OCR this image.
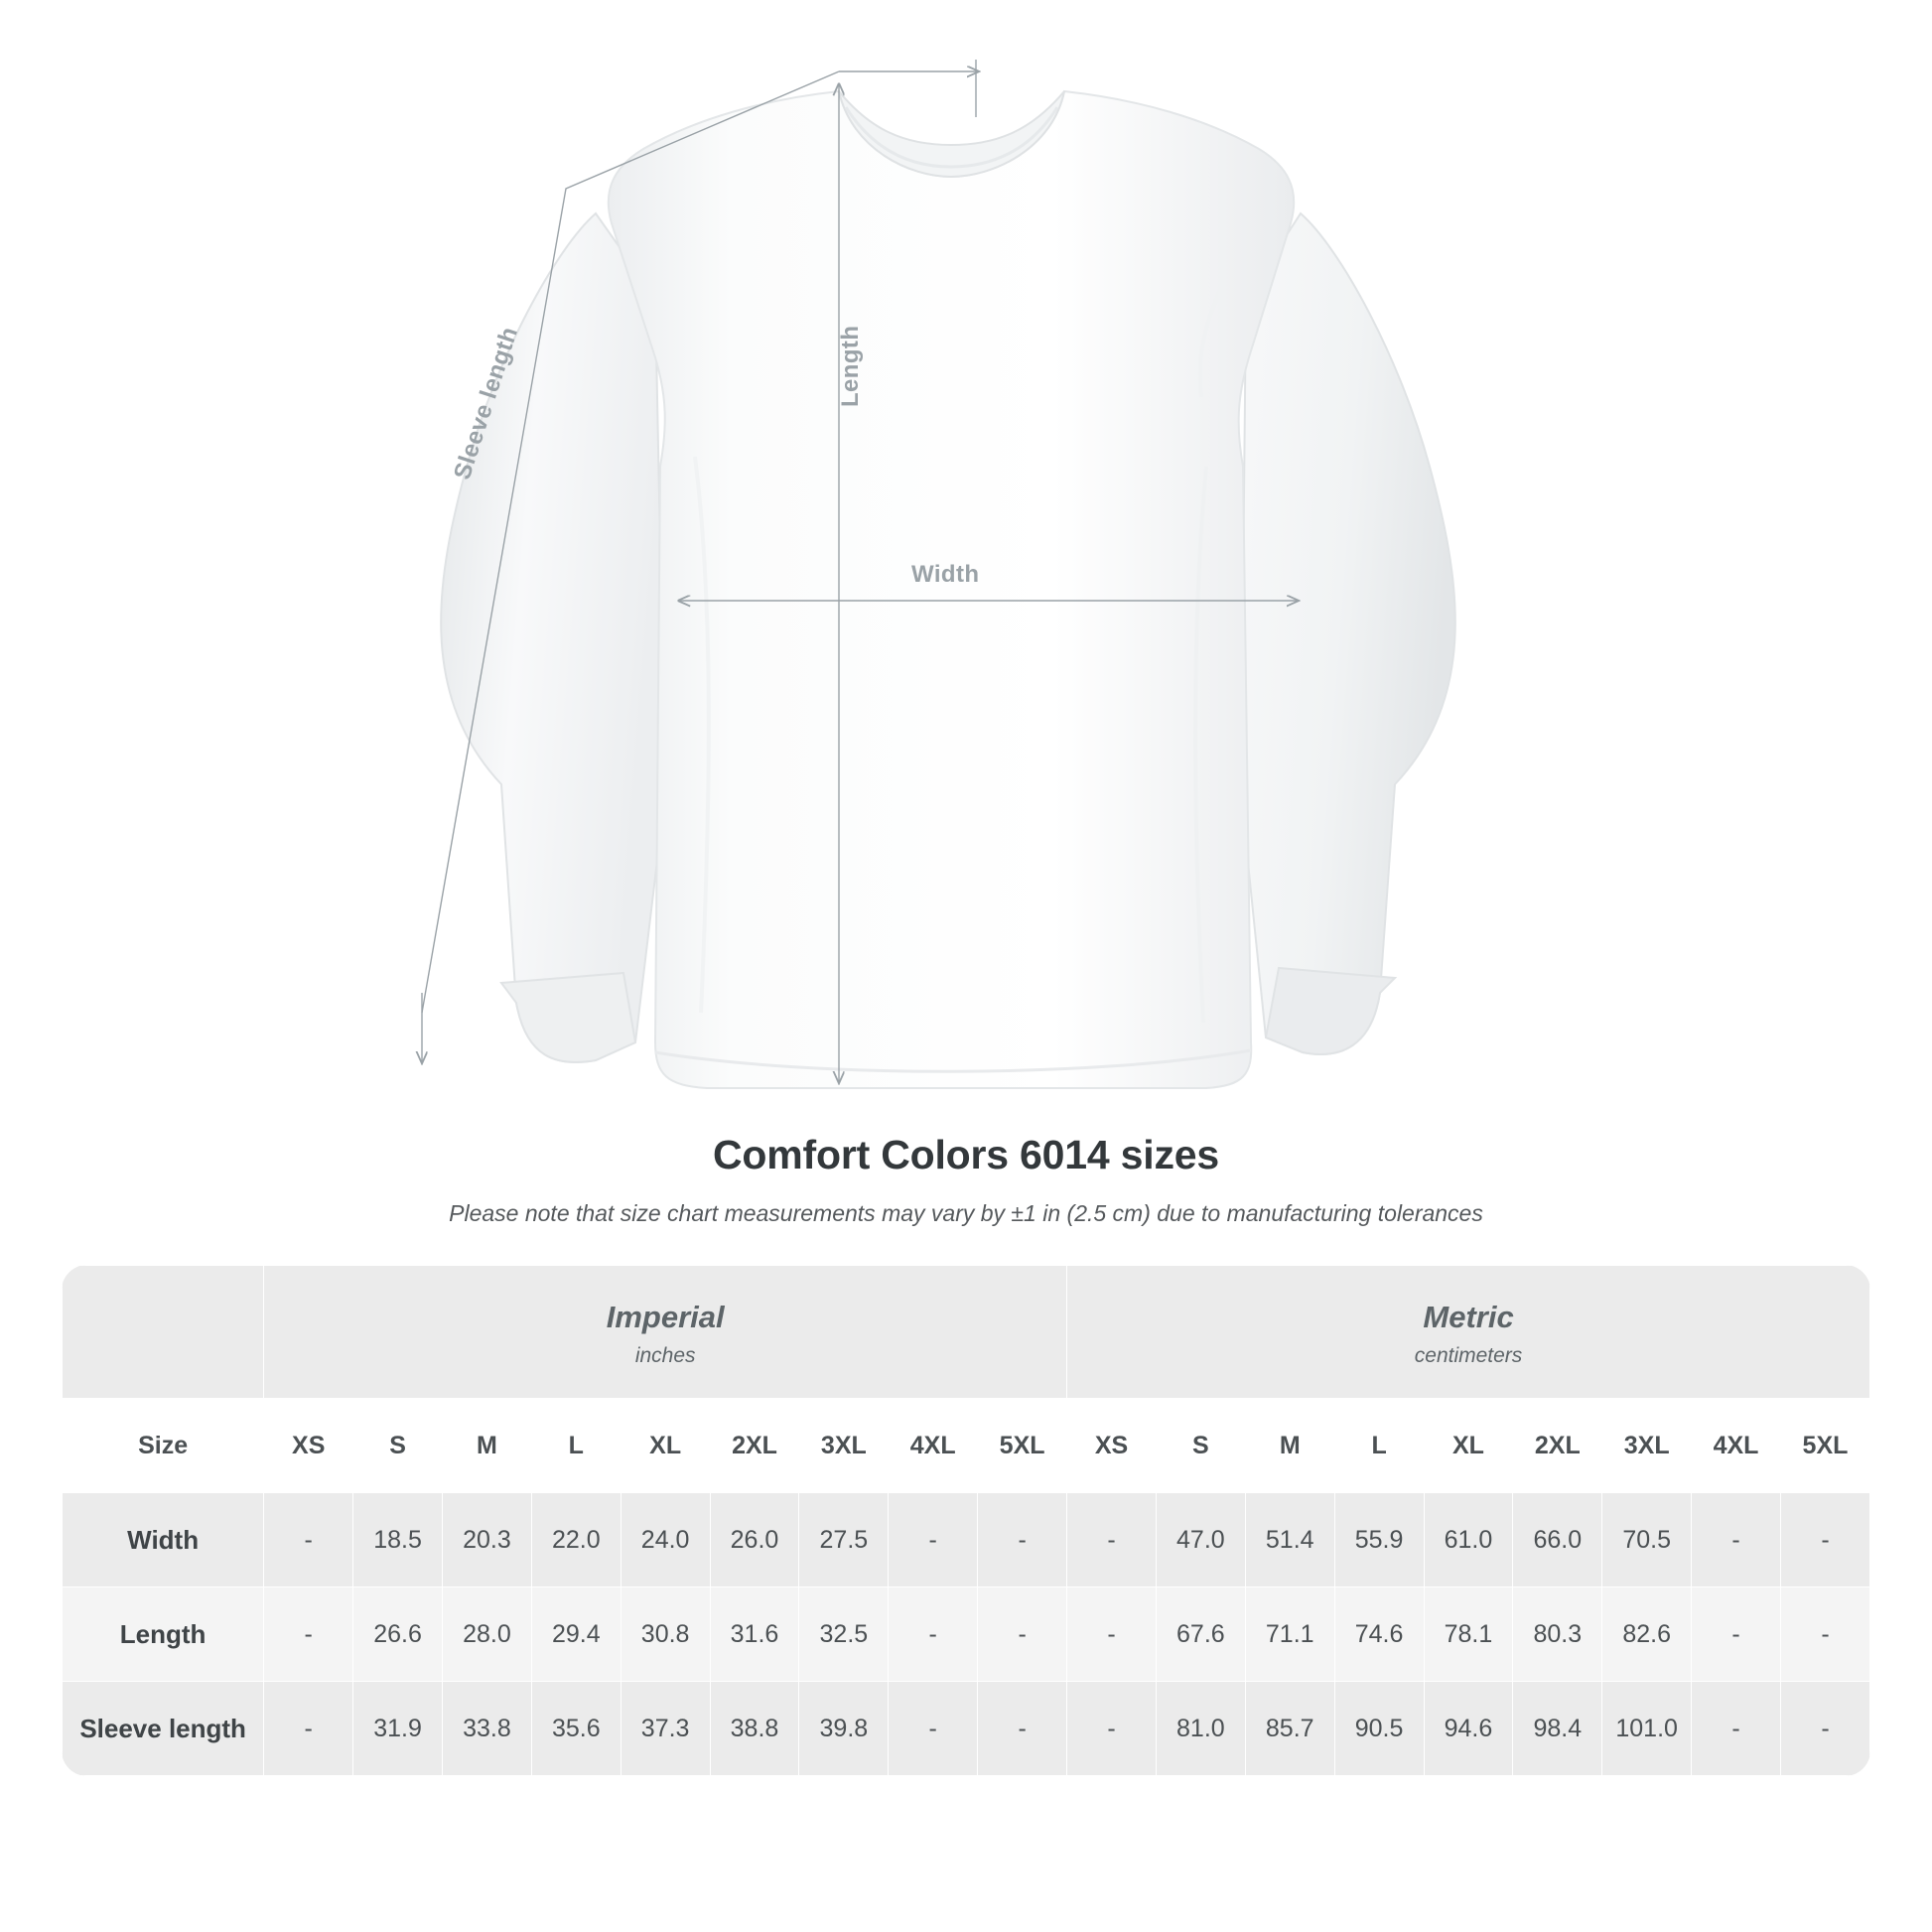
Width
Length
Sleeve length
Comfort Colors 6014 sizes
Please note that size chart measurements may vary by ±1 in (2.5 cm) due to manufacturing tolerances

Imperial
inches

Metric
centimeters

Size	XS	S	M	L	XL	2XL	3XL	4XL	5XL	XS	S	M	L	XL	2XL	3XL	4XL	5XL
Width	-	18.5	20.3	22.0	24.0	26.0	27.5	-	-	-	47.0	51.4	55.9	61.0	66.0	70.5	-	-
Length	-	26.6	28.0	29.4	30.8	31.6	32.5	-	-	-	67.6	71.1	74.6	78.1	80.3	82.6	-	-
Sleeve length	-	31.9	33.8	35.6	37.3	38.8	39.8	-	-	-	81.0	85.7	90.5	94.6	98.4	101.0	-	-
